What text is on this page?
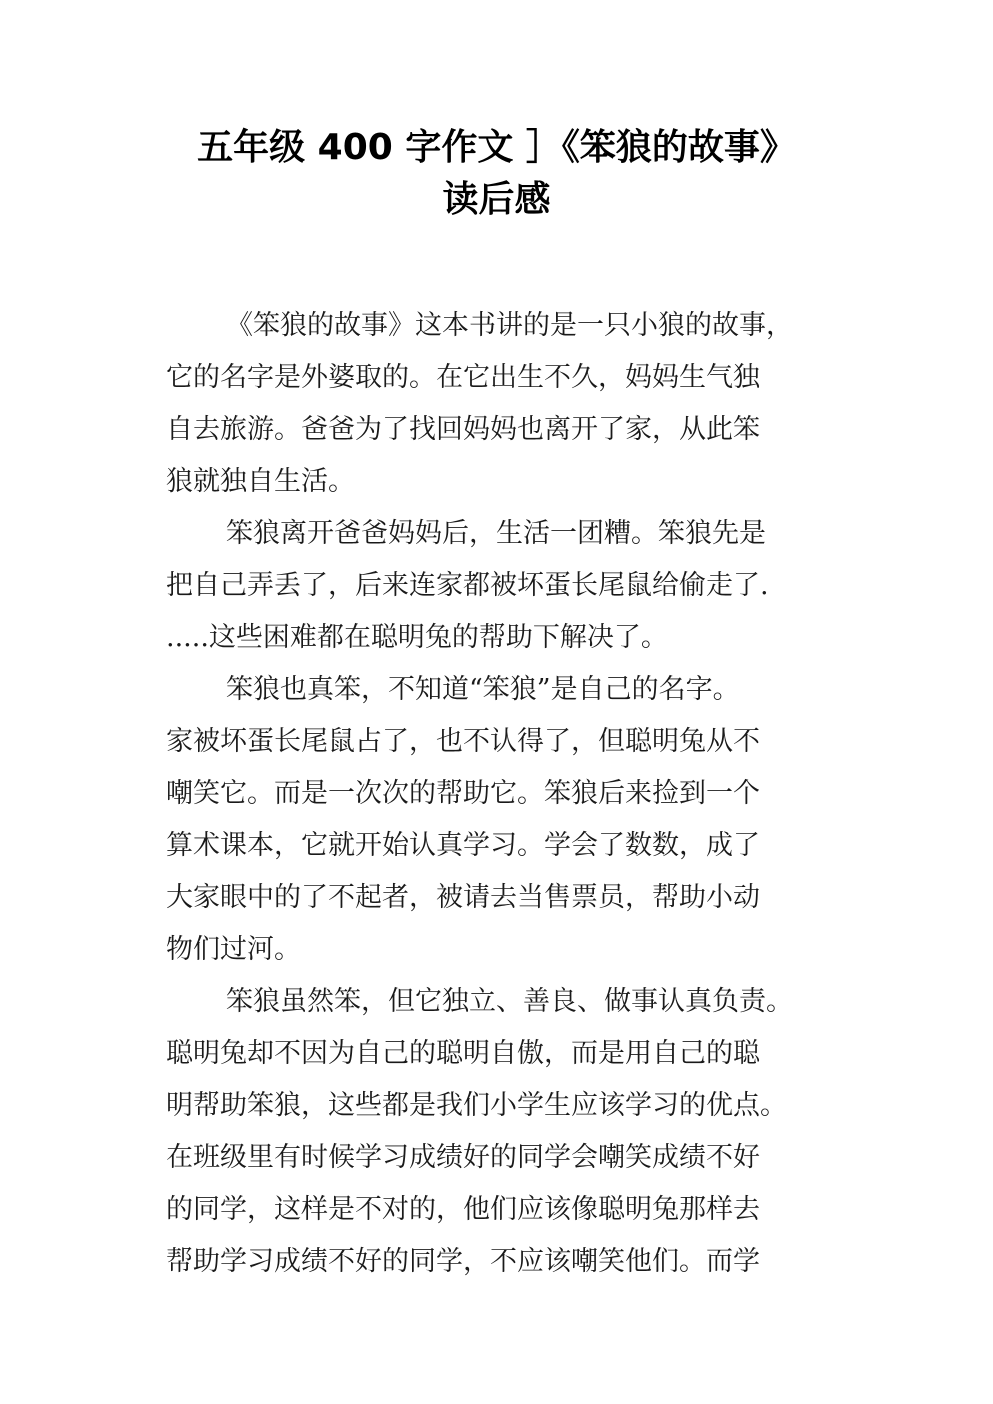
五年级 400 字作文 ］《笨狼的故事》
读后感
《笨狼的故事》这本书讲的是一只小狼的故事，
它的名字是外婆取的。在它出生不久，妈妈生气独
自去旅游。爸爸为了找回妈妈也离开了家，从此笨
狼就独自生活。
笨狼离开爸爸妈妈后，生活一团糟。笨狼先是
把自己弄丢了，后来连家都被坏蛋长尾鼠给偷走了.
.....这些困难都在聪明兔的帮助下解决了。
笨狼也真笨，不知道“笨狼”是自己的名字。
家被坏蛋长尾鼠占了，也不认得了，但聪明兔从不
嘲笑它。而是一次次的帮助它。笨狼后来捡到一个
算术课本，它就开始认真学习。学会了数数，成了
大家眼中的了不起者，被请去当售票员，帮助小动
物们过河。
笨狼虽然笨，但它独立、善良、做事认真负责。
聪明兔却不因为自己的聪明自傲，而是用自己的聪
明帮助笨狼，这些都是我们小学生应该学习的优点。
在班级里有时候学习成绩好的同学会嘲笑成绩不好
的同学，这样是不对的，他们应该像聪明兔那样去
帮助学习成绩不好的同学，不应该嘲笑他们。而学
